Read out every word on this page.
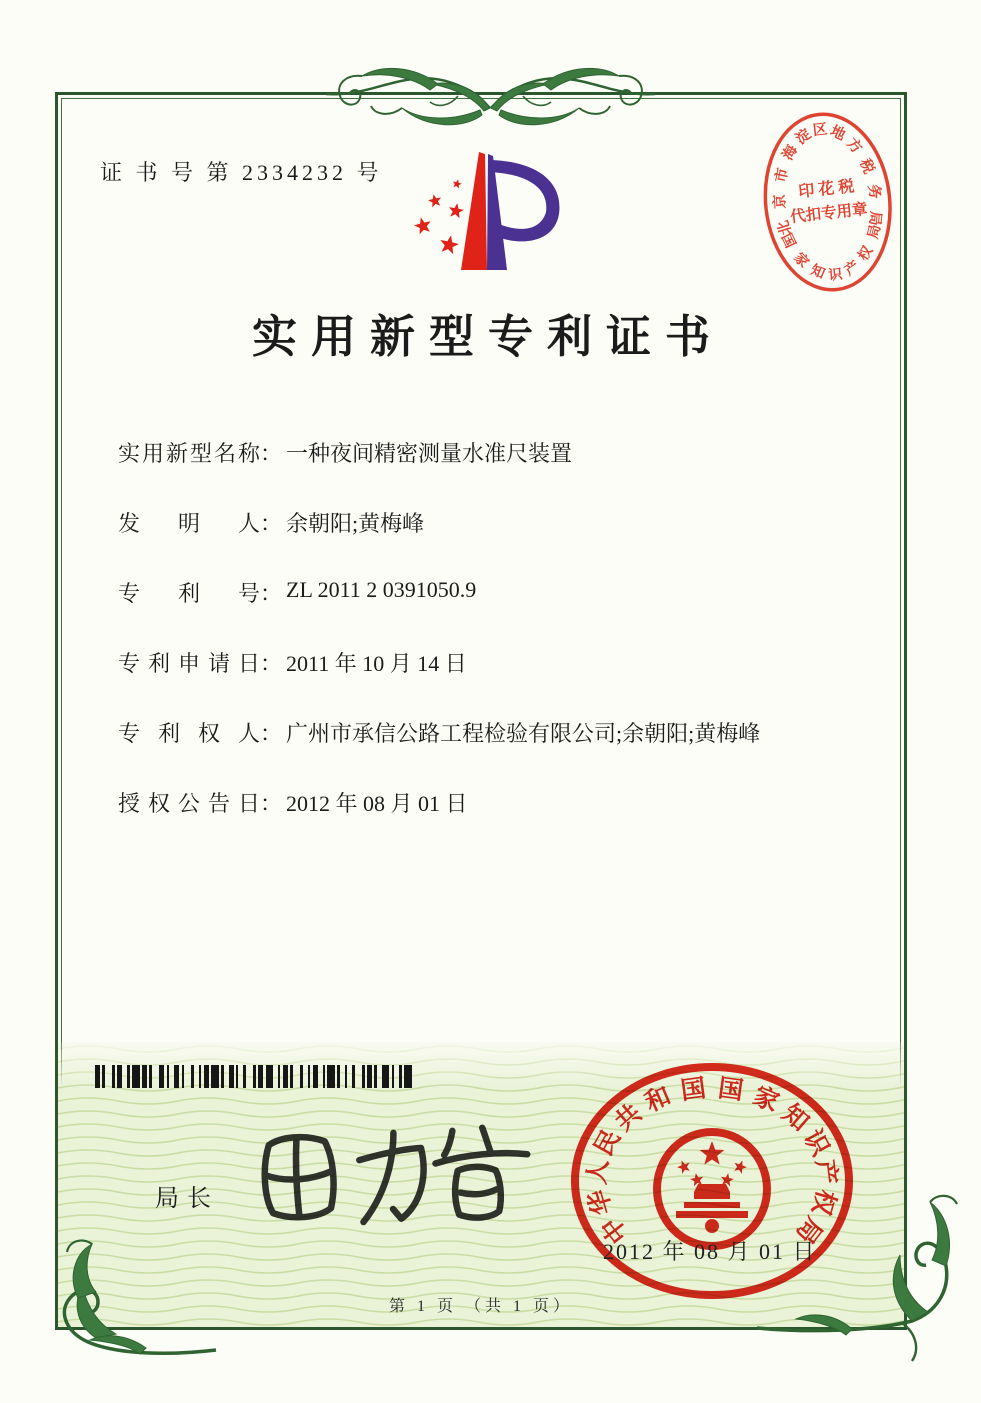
证 书 号 第 2334232 号
北
京
市
海
淀
区 地
方
税
务
局
国
家
知 识 产
权
局
印 花 税
代扣专用章
实用新型专利证书
实用新型名称： 一种夜间精密测量水准尺装置
发明人： 余朝阳;黄梅峰
专利号： ZL 2011 2 0391050.9
专利申请日： 2011 年 10 月 14 日
专利权人： 广州市承信公路工程检验有限公司;余朝阳;黄梅峰
授权公告日： 2012 年 08 月 01 日

局长
中
华
人
民
共
和 国 国 家
知
识
产
权
局
2012 年 08 月 01 日
第 1 页 （共 1 页）
